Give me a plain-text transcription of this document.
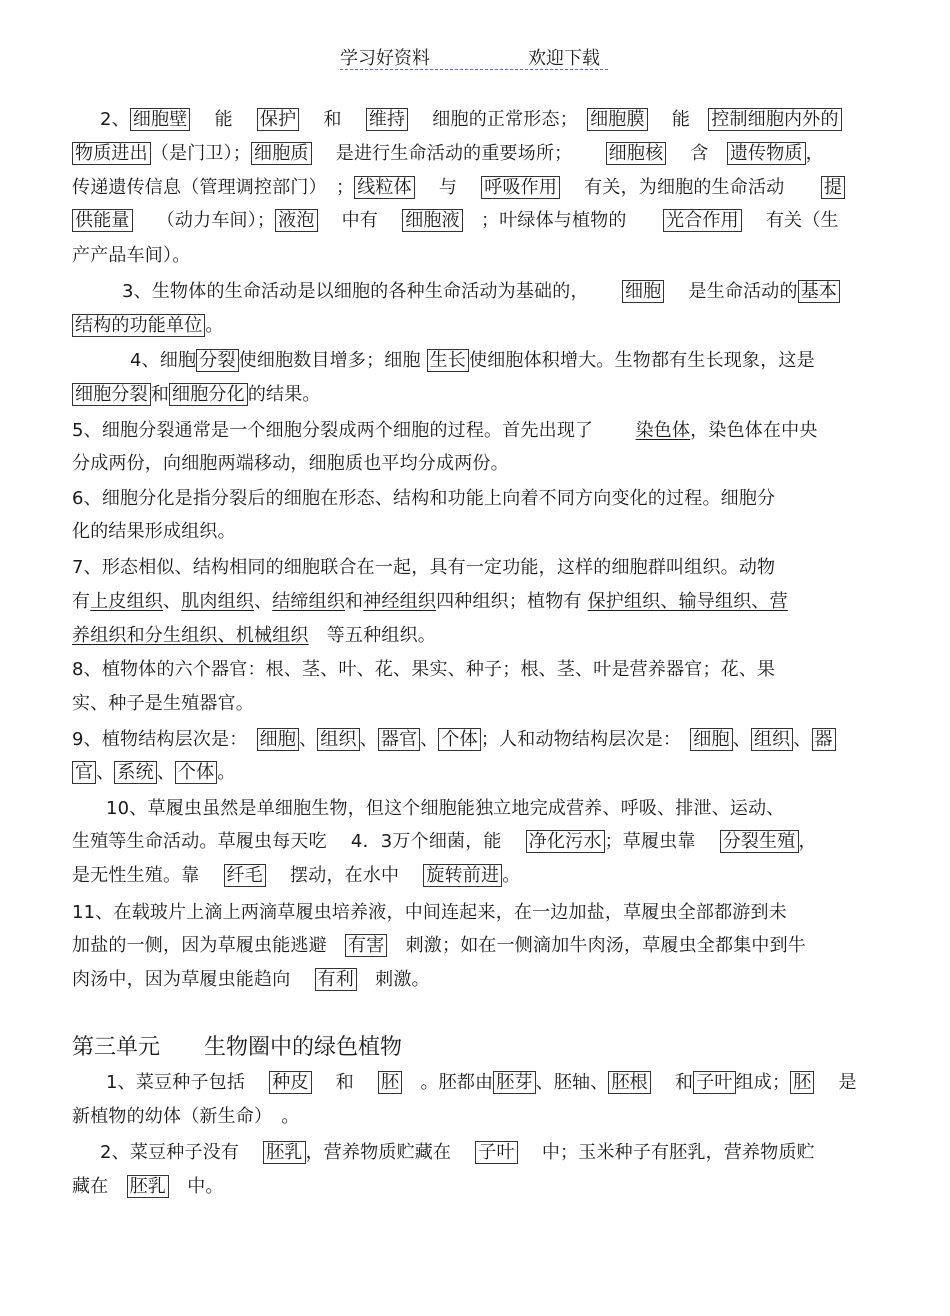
学习好资料	欢迎下载
2、 细胞壁　 能　 保护　 和　 维持　 细胞的正常形态；　细胞膜　 能　控制细胞内外的
物质进出 （是门卫）； 细胞质　 是进行生命活动的重要场所；　　 细胞核　 含　遗传物质 ，
传递遗传信息（管理调控部门）　； 线粒体　 与　 呼吸作用　 有关，为细胞的生命活动　　提
供能量　 （动力车间）； 液泡　 中有　 细胞液　；叶绿体与植物的　　光合作用　 有关（生
产产品车间）。
3、生物体的生命活动是以细胞的各种生命活动为基础的，　　 细胞　 是生命活动的 基本
结构的功能单位 。
4、细胞 分裂 使细胞数目增多；细胞 生长 使细胞体积增大。生物都有生长现象，这是
细胞分裂 和 细胞分化 的结果。
5、细胞分裂通常是一个细胞分裂成两个细胞的过程。首先出现了　　 染色体，染色体在中央
分成两份，向细胞两端移动，细胞质也平均分成两份。
6、细胞分化是指分裂后的细胞在形态、结构和功能上向着不同方向变化的过程。细胞分
化的结果形成组织。
7、形态相似、结构相同的细胞联合在一起，具有一定功能，这样的细胞群叫组织。动物
有上皮组织、肌肉组织、结缔组织和神经组织四种组织；植物有 保护组织、输导组织、营
养组织和分生组织、机械组织　等五种组织。
8、植物体的六个器官：根、茎、叶、花、果实、种子；根、茎、叶是营养器官；花、果
实、种子是生殖器官。
9、植物结构层次是：　细胞 、 组织 、 器官 、 个体 ；人和动物结构层次是：　细胞 、 组织 、 器
官 、 系统 、 个体 。
10、草履虫虽然是单细胞生物，但这个细胞能独立地完成营养、呼吸、排泄、运动、
生殖等生命活动。草履虫每天吃　 4．3万个细菌，能　 净化污水 ；草履虫靠　 分裂生殖 ，
是无性生殖。靠　 纤毛　 摆动，在水中　 旋转前进 。
11、在载玻片上滴上两滴草履虫培养液，中间连起来，在一边加盐，草履虫全部都游到未
加盐的一侧，因为草履虫能逃避　有害　刺激；如在一侧滴加牛肉汤，草履虫全都集中到牛
肉汤中，因为草履虫能趋向　 有利　刺激。
1、菜豆种子包括　 种皮　 和　 胚　。胚都由 胚芽 、胚轴、 胚根　 和 子叶 组成； 胚　 是
新植物的幼体（新生命）　。
2、菜豆种子没有　 胚乳 ，营养物质贮藏在　 子叶　 中；玉米种子有胚乳，营养物质贮
藏在　胚乳　中。
第三单元　　生物圈中的绿色植物
